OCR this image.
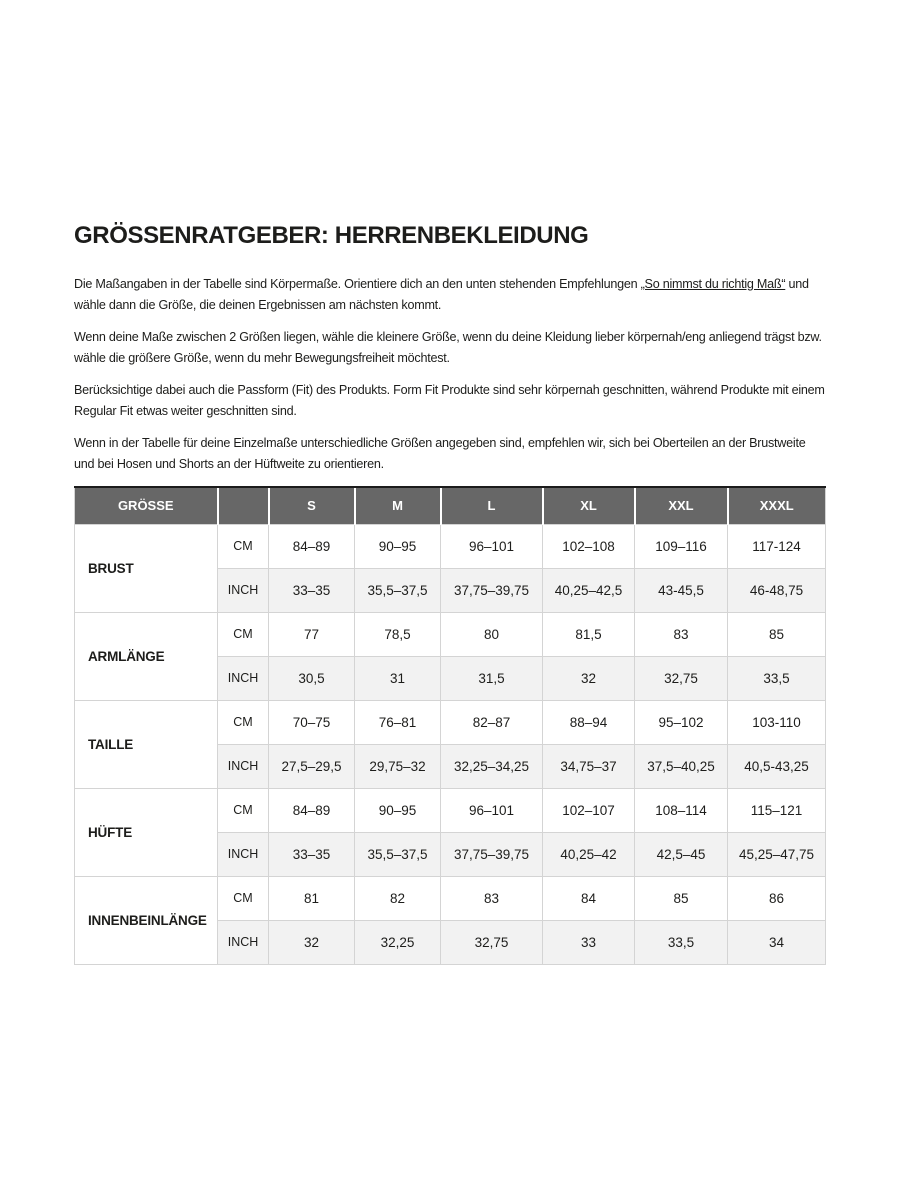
GRÖSSENRATGEBER: HERRENBEKLEIDUNG

Die Maßangaben in der Tabelle sind Körpermaße. Orientiere dich an den unten stehenden Empfehlungen „So nimmst du richtig Maß“ und wähle dann die Größe, die deinen Ergebnissen am nächsten kommt.

Wenn deine Maße zwischen 2 Größen liegen, wähle die kleinere Größe, wenn du deine Kleidung lieber körpernah/eng anliegend trägst bzw. wähle die größere Größe, wenn du mehr Bewegungsfreiheit möchtest.

Berücksichtige dabei auch die Passform (Fit) des Produkts. Form Fit Produkte sind sehr körpernah geschnitten, während Produkte mit einem Regular Fit etwas weiter geschnitten sind.

Wenn in der Tabelle für deine Einzelmaße unterschiedliche Größen angegeben sind, empfehlen wir, sich bei Oberteilen an der Brustweite und bei Hosen und Shorts an der Hüftweite zu orientieren.

GRÖSSE		S	M	L	XL	XXL	XXXL
BRUST	CM	84–89	90–95	96–101	102–108	109–116	117-124
	INCH	33–35	35,5–37,5	37,75–39,75	40,25–42,5	43-45,5	46-48,75
ARMLÄNGE	CM	77	78,5	80	81,5	83	85
	INCH	30,5	31	31,5	32	32,75	33,5
TAILLE	CM	70–75	76–81	82–87	88–94	95–102	103-110
	INCH	27,5–29,5	29,75–32	32,25–34,25	34,75–37	37,5–40,25	40,5-43,25
HÜFTE	CM	84–89	90–95	96–101	102–107	108–114	115–121
	INCH	33–35	35,5–37,5	37,75–39,75	40,25–42	42,5–45	45,25–47,75
INNENBEINLÄNGE	CM	81	82	83	84	85	86
	INCH	32	32,25	32,75	33	33,5	34
